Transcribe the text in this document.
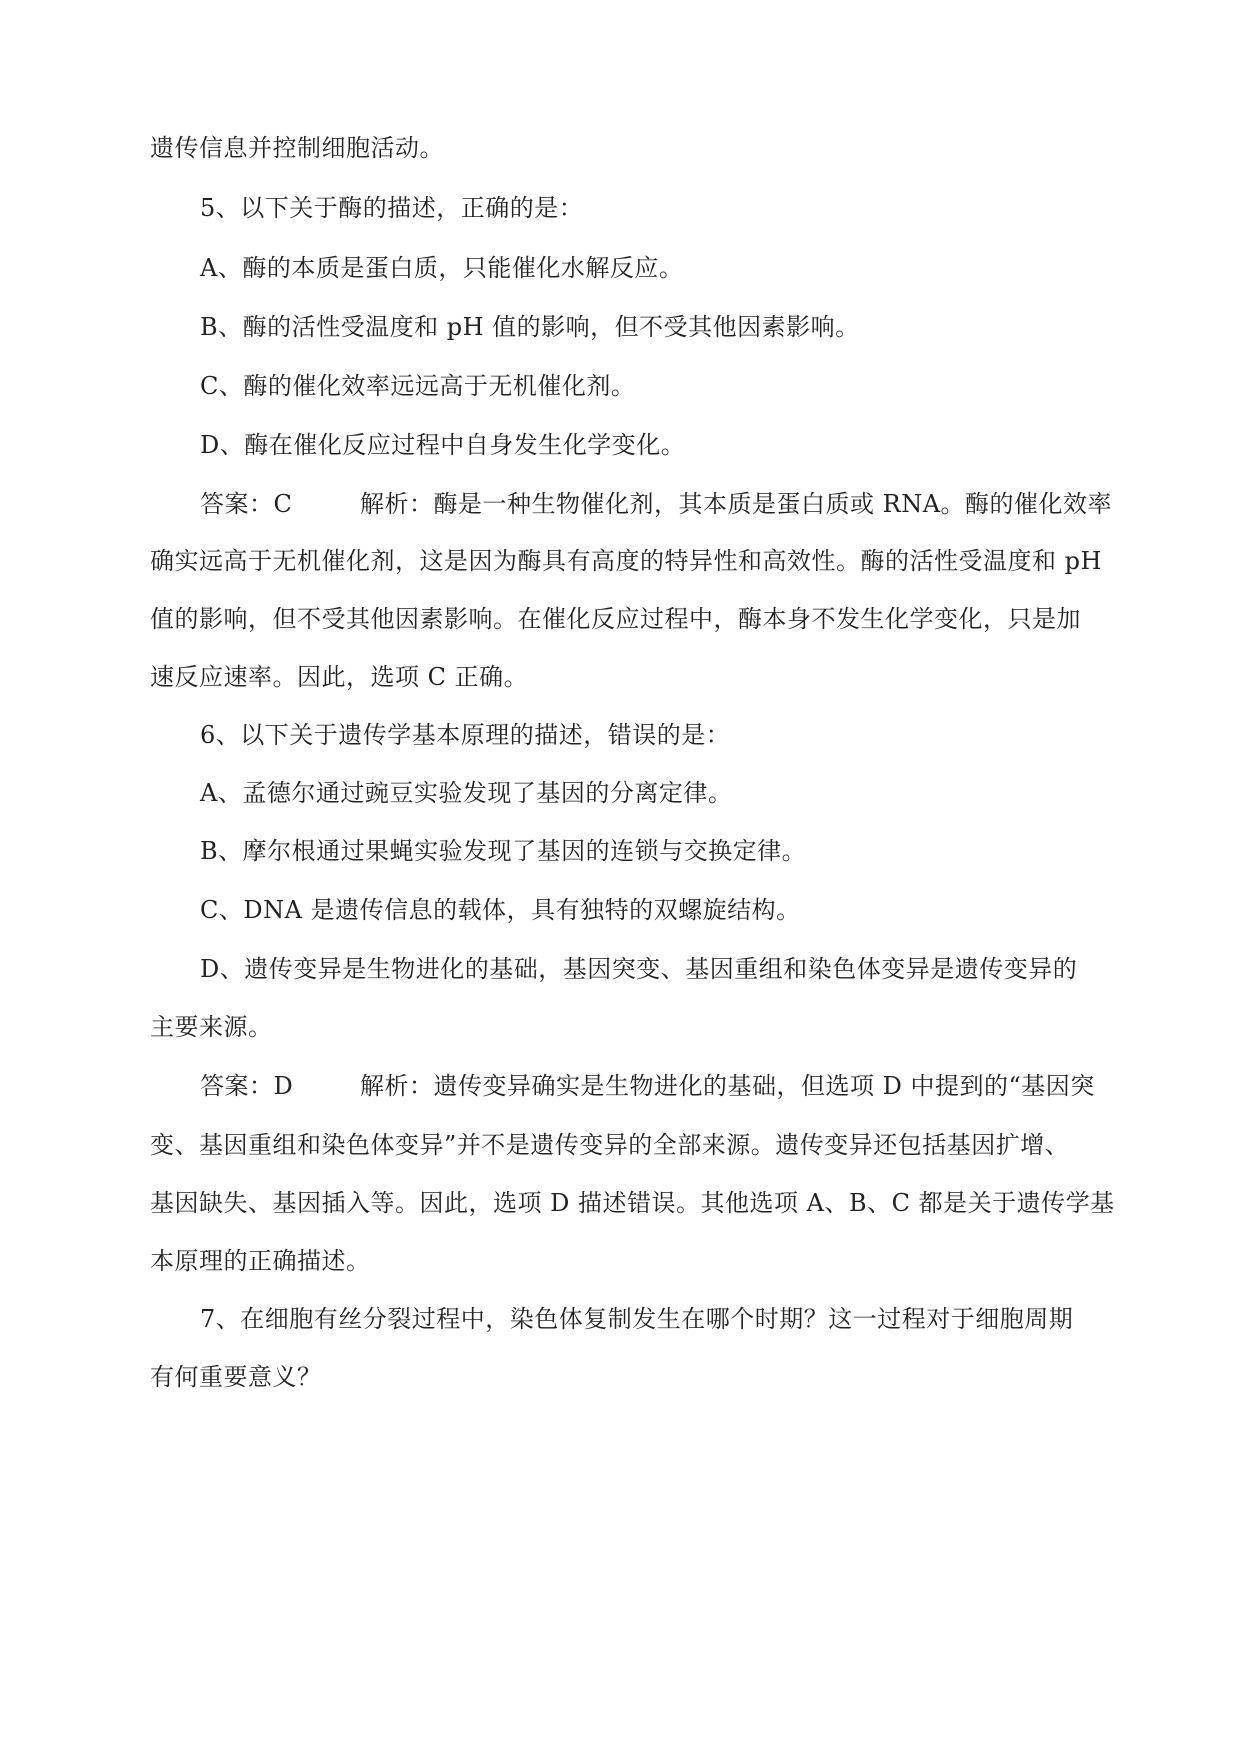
遗传信息并控制细胞活动。
5、以下关于酶的描述，正确的是：
A、酶的本质是蛋白质，只能催化水解反应。
B、酶的活性受温度和 pH 值的影响，但不受其他因素影响。
C、酶的催化效率远远高于无机催化剂。
D、酶在催化反应过程中自身发生化学变化。
答案：C	解析：酶是一种生物催化剂，其本质是蛋白质或 RNA。酶的催化效率
确实远高于无机催化剂，这是因为酶具有高度的特异性和高效性。酶的活性受温度和 pH
值的影响，但不受其他因素影响。在催化反应过程中，酶本身不发生化学变化，只是加
速反应速率。因此，选项 C 正确。
6、以下关于遗传学基本原理的描述，错误的是：
A、孟德尔通过豌豆实验发现了基因的分离定律。
B、摩尔根通过果蝇实验发现了基因的连锁与交换定律。
C、DNA 是遗传信息的载体，具有独特的双螺旋结构。
D、遗传变异是生物进化的基础，基因突变、基因重组和染色体变异是遗传变异的
主要来源。
答案：D	解析：遗传变异确实是生物进化的基础，但选项 D 中提到的“基因突
变、基因重组和染色体变异”并不是遗传变异的全部来源。遗传变异还包括基因扩增、
基因缺失、基因插入等。因此，选项 D 描述错误。其他选项 A、B、C 都是关于遗传学基
本原理的正确描述。
7、在细胞有丝分裂过程中，染色体复制发生在哪个时期？这一过程对于细胞周期
有何重要意义？
